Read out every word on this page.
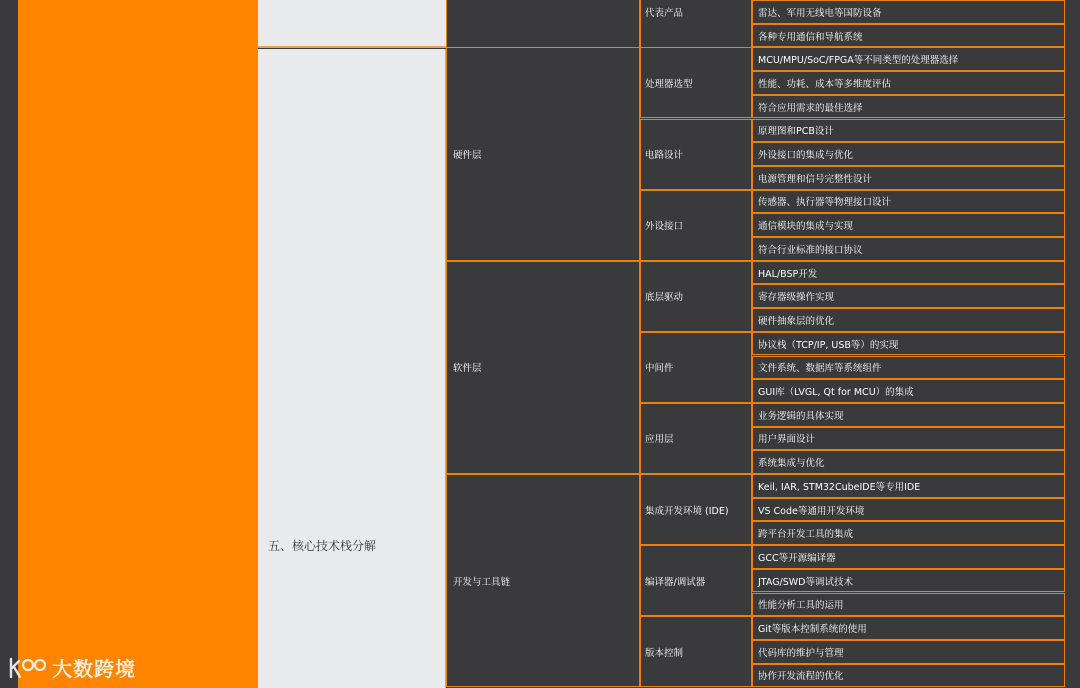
五、核心技术栈分解
代表产品	雷达、军用无线电等国防设备
各种专用通信和导航系统
硬件层
处理器选型
MCU/MPU/SoC/FPGA等不同类型的处理器选择
性能、功耗、成本等多维度评估
符合应用需求的最佳选择
电路设计
原理图和PCB设计
外设接口的集成与优化
电源管理和信号完整性设计
外设接口
传感器、执行器等物理接口设计
通信模块的集成与实现
符合行业标准的接口协议
软件层
底层驱动
HAL/BSP开发
寄存器级操作实现
硬件抽象层的优化
中间件
协议栈（TCP/IP, USB等）的实现
文件系统、数据库等系统组件
GUI库（LVGL, Qt for MCU）的集成
应用层
业务逻辑的具体实现
用户界面设计
系统集成与优化
开发与工具链
集成开发环境 (IDE)
Keil, IAR, STM32CubeIDE等专用IDE
VS Code等通用开发环境
跨平台开发工具的集成
编译器/调试器
GCC等开源编译器
JTAG/SWD等调试技术
性能分析工具的运用
版本控制
Git等版本控制系统的使用
代码库的维护与管理
协作开发流程的优化
大数跨境
